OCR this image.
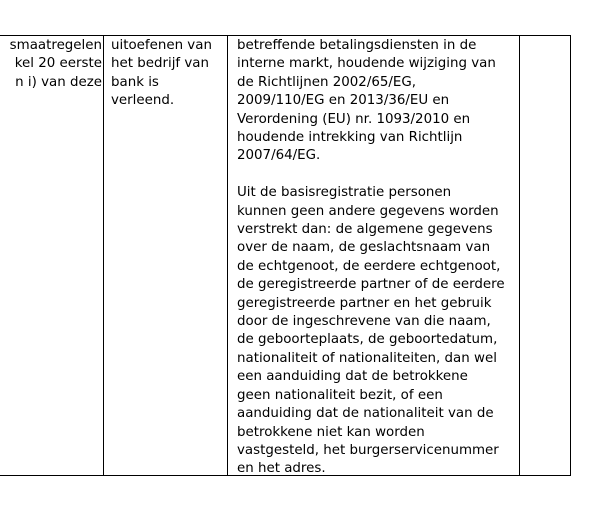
smaatregelen
kel 20 eerste
n i) van deze
uitoefenen van
het bedrijf van
bank is
verleend.
betreffende betalingsdiensten in de
interne markt, houdende wijziging van
de Richtlijnen 2002/65/EG,
2009/110/EG en 2013/36/EU en
Verordening (EU) nr. 1093/2010 en
houdende intrekking van Richtlijn
2007/64/EG.
Uit de basisregistratie personen
kunnen geen andere gegevens worden
verstrekt dan: de algemene gegevens
over de naam, de geslachtsnaam van
de echtgenoot, de eerdere echtgenoot,
de geregistreerde partner of de eerdere
geregistreerde partner en het gebruik
door de ingeschrevene van die naam,
de geboorteplaats, de geboortedatum,
nationaliteit of nationaliteiten, dan wel
een aanduiding dat de betrokkene
geen nationaliteit bezit, of een
aanduiding dat de nationaliteit van de
betrokkene niet kan worden
vastgesteld, het burgerservicenummer
en het adres.
